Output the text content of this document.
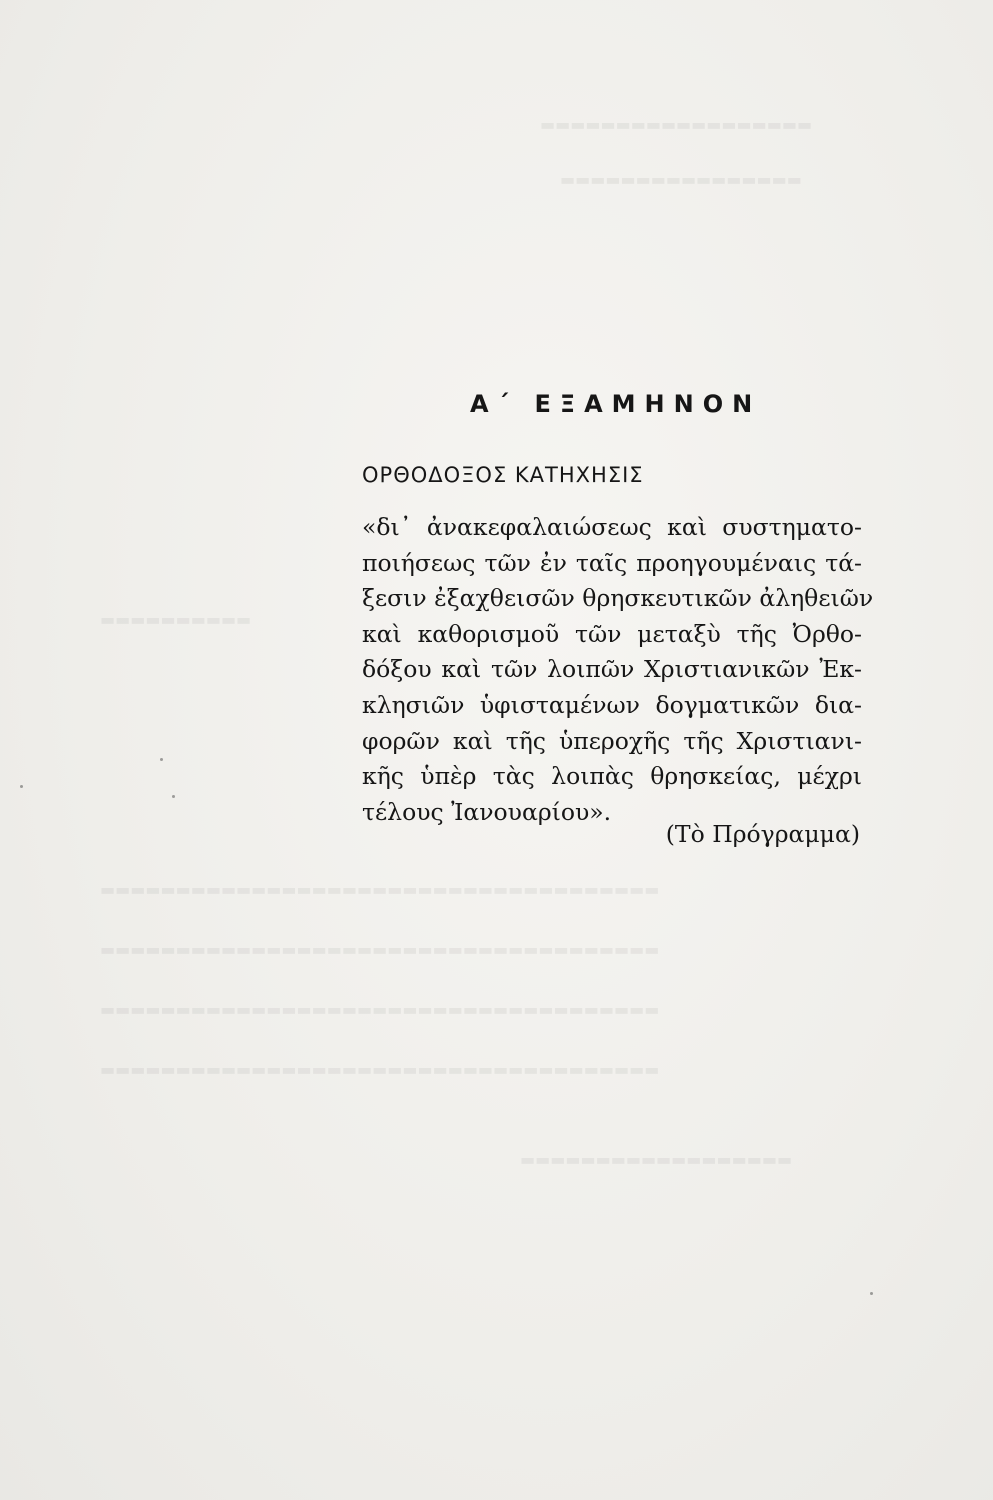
▬▬▬▬▬▬▬▬▬▬▬▬▬▬▬▬▬▬
▬▬▬▬▬▬▬▬▬▬▬▬▬▬▬▬
▬▬▬▬▬▬▬▬▬▬
▬▬▬▬▬▬▬▬▬▬▬▬▬▬▬▬▬▬▬▬▬▬▬▬▬▬▬▬▬▬▬▬▬▬▬▬▬
▬▬▬▬▬▬▬▬▬▬▬▬▬▬▬▬▬▬▬▬▬▬▬▬▬▬▬▬▬▬▬▬▬▬▬▬▬
▬▬▬▬▬▬▬▬▬▬▬▬▬▬▬▬▬▬▬▬▬▬▬▬▬▬▬▬▬▬▬▬▬▬▬▬▬
▬▬▬▬▬▬▬▬▬▬▬▬▬▬▬▬▬▬▬▬▬▬▬▬▬▬▬▬▬▬▬▬▬▬▬▬▬
▬▬▬▬▬▬▬▬▬▬▬▬▬▬▬▬▬▬
Α΄ ΕΞΑΜΗΝΟΝ
ΟΡΘΟΔΟΞΟΣ ΚΑΤΗΧΗΣΙΣ
«δι᾽ ἀνακεφαλαιώσεως καὶ συστηματο-
ποιήσεως τῶν ἐν ταῖς προηγουμέναις τά-
ξεσιν ἐξαχθεισῶν θρησκευτικῶν ἀληθειῶν
καὶ καθορισμοῦ τῶν μεταξὺ τῆς Ὀρθο-
δόξου καὶ τῶν λοιπῶν Χριστιανικῶν Ἐκ-
κλησιῶν ὑφισταμένων δογματικῶν δια-
φορῶν καὶ τῆς ὑπεροχῆς τῆς Χριστιανι-
κῆς ὑπὲρ τὰς λοιπὰς θρησκείας, μέχρι
τέλους Ἰανουαρίου».
(Τὸ Πρόγραμμα)
